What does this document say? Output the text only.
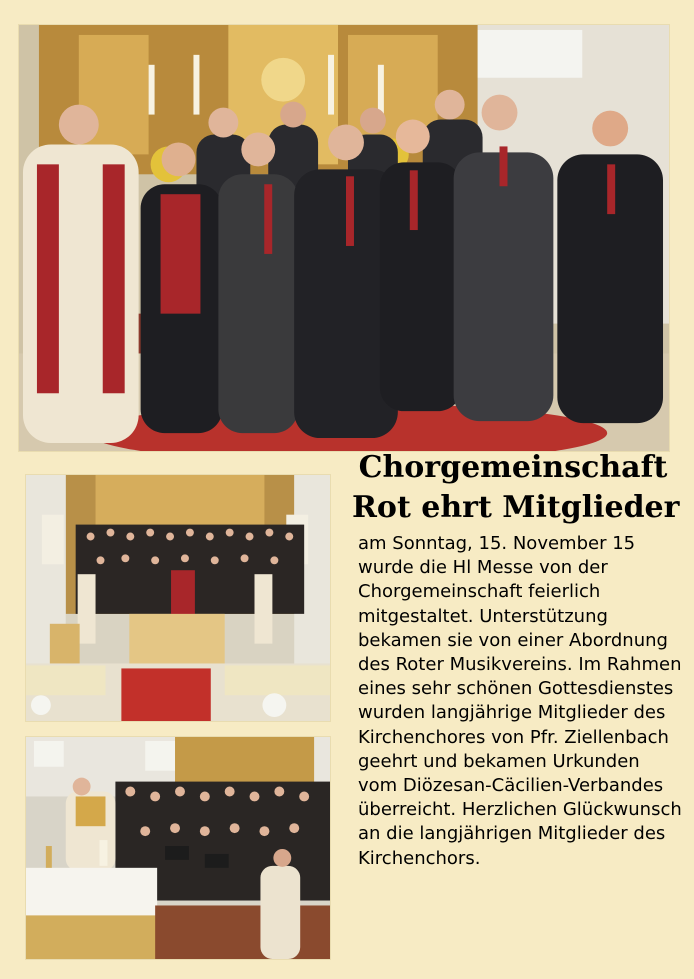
Chorgemeinschaft
Rot ehrt Mitglieder

am Sonntag, 15. November 15 wurde die Hl Messe von der Chorgemeinschaft feierlich mitgestaltet. Unterstützung bekamen sie von einer Abordnung des Roter Musikvereins. Im Rahmen eines sehr schönen Gottesdienstes wurden langjährige Mitglieder des Kirchenchores von Pfr. Ziellenbach geehrt und bekamen Urkunden vom Diözesan-Cäcilien-Verbandes überreicht. Herzlichen Glückwunsch an die langjährigen Mitglieder des Kirchenchors.
